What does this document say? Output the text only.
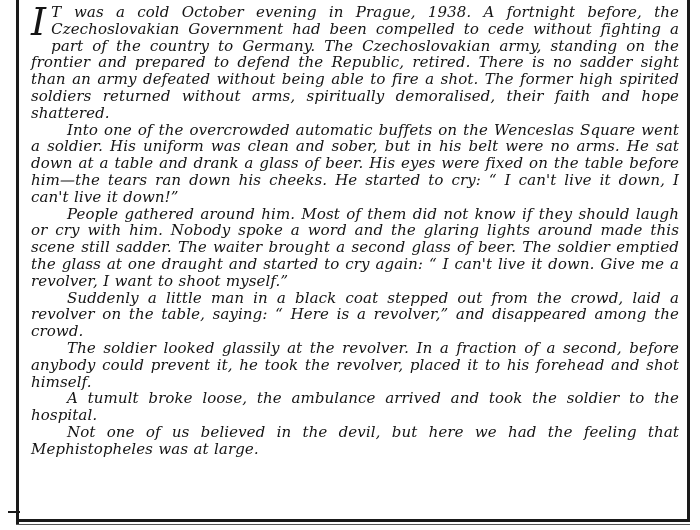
I T was a cold October evening in Prague, 1938. A fortnight before, the Czechoslovakian Government had been compelled to cede without fighting a part of the country to Germany. The Czechoslovakian army, standing on the frontier and prepared to defend the Republic, retired. There is no sadder sight than an army defeated without being able to fire a shot. The former high spirited soldiers returned without arms, spiritually demoralised, their faith and hope shattered.

Into one of the overcrowded automatic buffets on the Wenceslas Square went a soldier. His uniform was clean and sober, but in his belt were no arms. He sat down at a table and drank a glass of beer. His eyes were fixed on the table before him—the tears ran down his cheeks. He started to cry: “ I can't live it down, I can't live it down!”

People gathered around him. Most of them did not know if they should laugh or cry with him. Nobody spoke a word and the glaring lights around made this scene still sadder. The waiter brought a second glass of beer. The soldier emptied the glass at one draught and started to cry again: “ I can't live it down. Give me a revolver, I want to shoot myself.”

Suddenly a little man in a black coat stepped out from the crowd, laid a revolver on the table, saying: “ Here is a revolver,” and disappeared among the crowd.

The soldier looked glassily at the revolver. In a fraction of a second, before anybody could prevent it, he took the revolver, placed it to his forehead and shot himself.

A tumult broke loose, the ambulance arrived and took the soldier to the hospital.

Not one of us believed in the devil, but here we had the feeling that Mephistopheles was at large.
